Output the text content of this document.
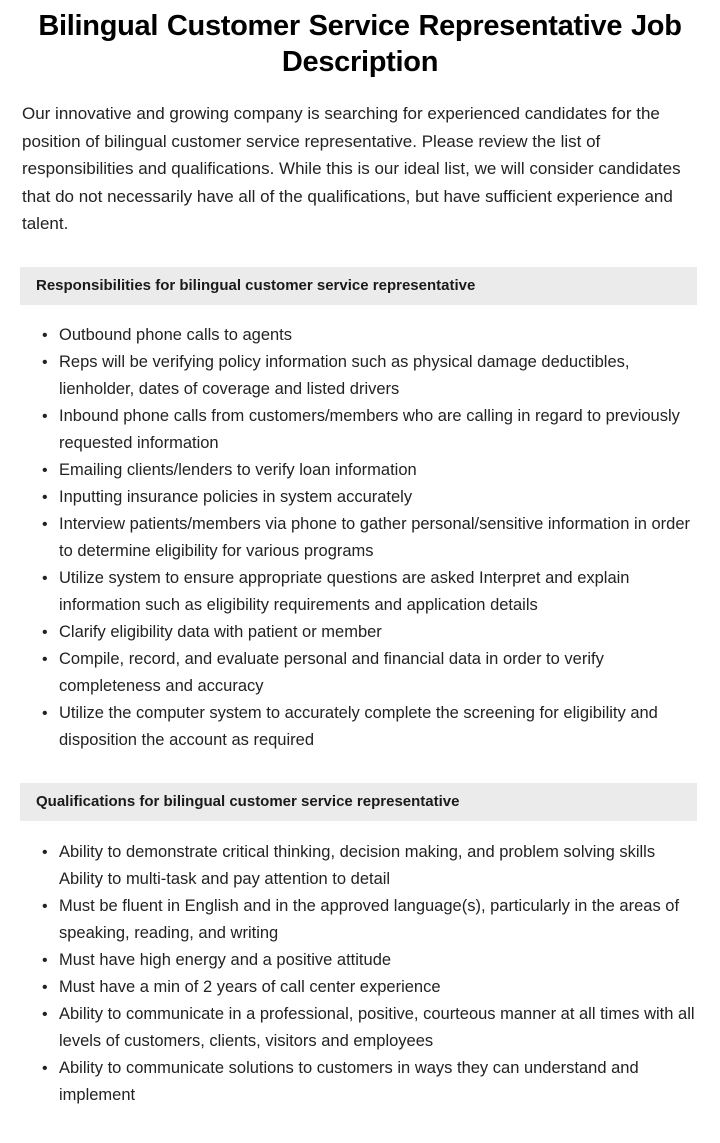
Bilingual Customer Service Representative Job Description

Our innovative and growing company is searching for experienced candidates for the position of bilingual customer service representative. Please review the list of responsibilities and qualifications. While this is our ideal list, we will consider candidates that do not necessarily have all of the qualifications, but have sufficient experience and talent.

Responsibilities for bilingual customer service representative
• Outbound phone calls to agents
• Reps will be verifying policy information such as physical damage deductibles, lienholder, dates of coverage and listed drivers
• Inbound phone calls from customers/members who are calling in regard to previously requested information
• Emailing clients/lenders to verify loan information
• Inputting insurance policies in system accurately
• Interview patients/members via phone to gather personal/sensitive information in order to determine eligibility for various programs
• Utilize system to ensure appropriate questions are asked Interpret and explain information such as eligibility requirements and application details
• Clarify eligibility data with patient or member
• Compile, record, and evaluate personal and financial data in order to verify completeness and accuracy
• Utilize the computer system to accurately complete the screening for eligibility and disposition the account as required
Qualifications for bilingual customer service representative
• Ability to demonstrate critical thinking, decision making, and problem solving skills Ability to multi-task and pay attention to detail
• Must be fluent in English and in the approved language(s), particularly in the areas of speaking, reading, and writing
• Must have high energy and a positive attitude
• Must have a min of 2 years of call center experience
• Ability to communicate in a professional, positive, courteous manner at all times with all levels of customers, clients, visitors and employees
• Ability to communicate solutions to customers in ways they can understand and implement
